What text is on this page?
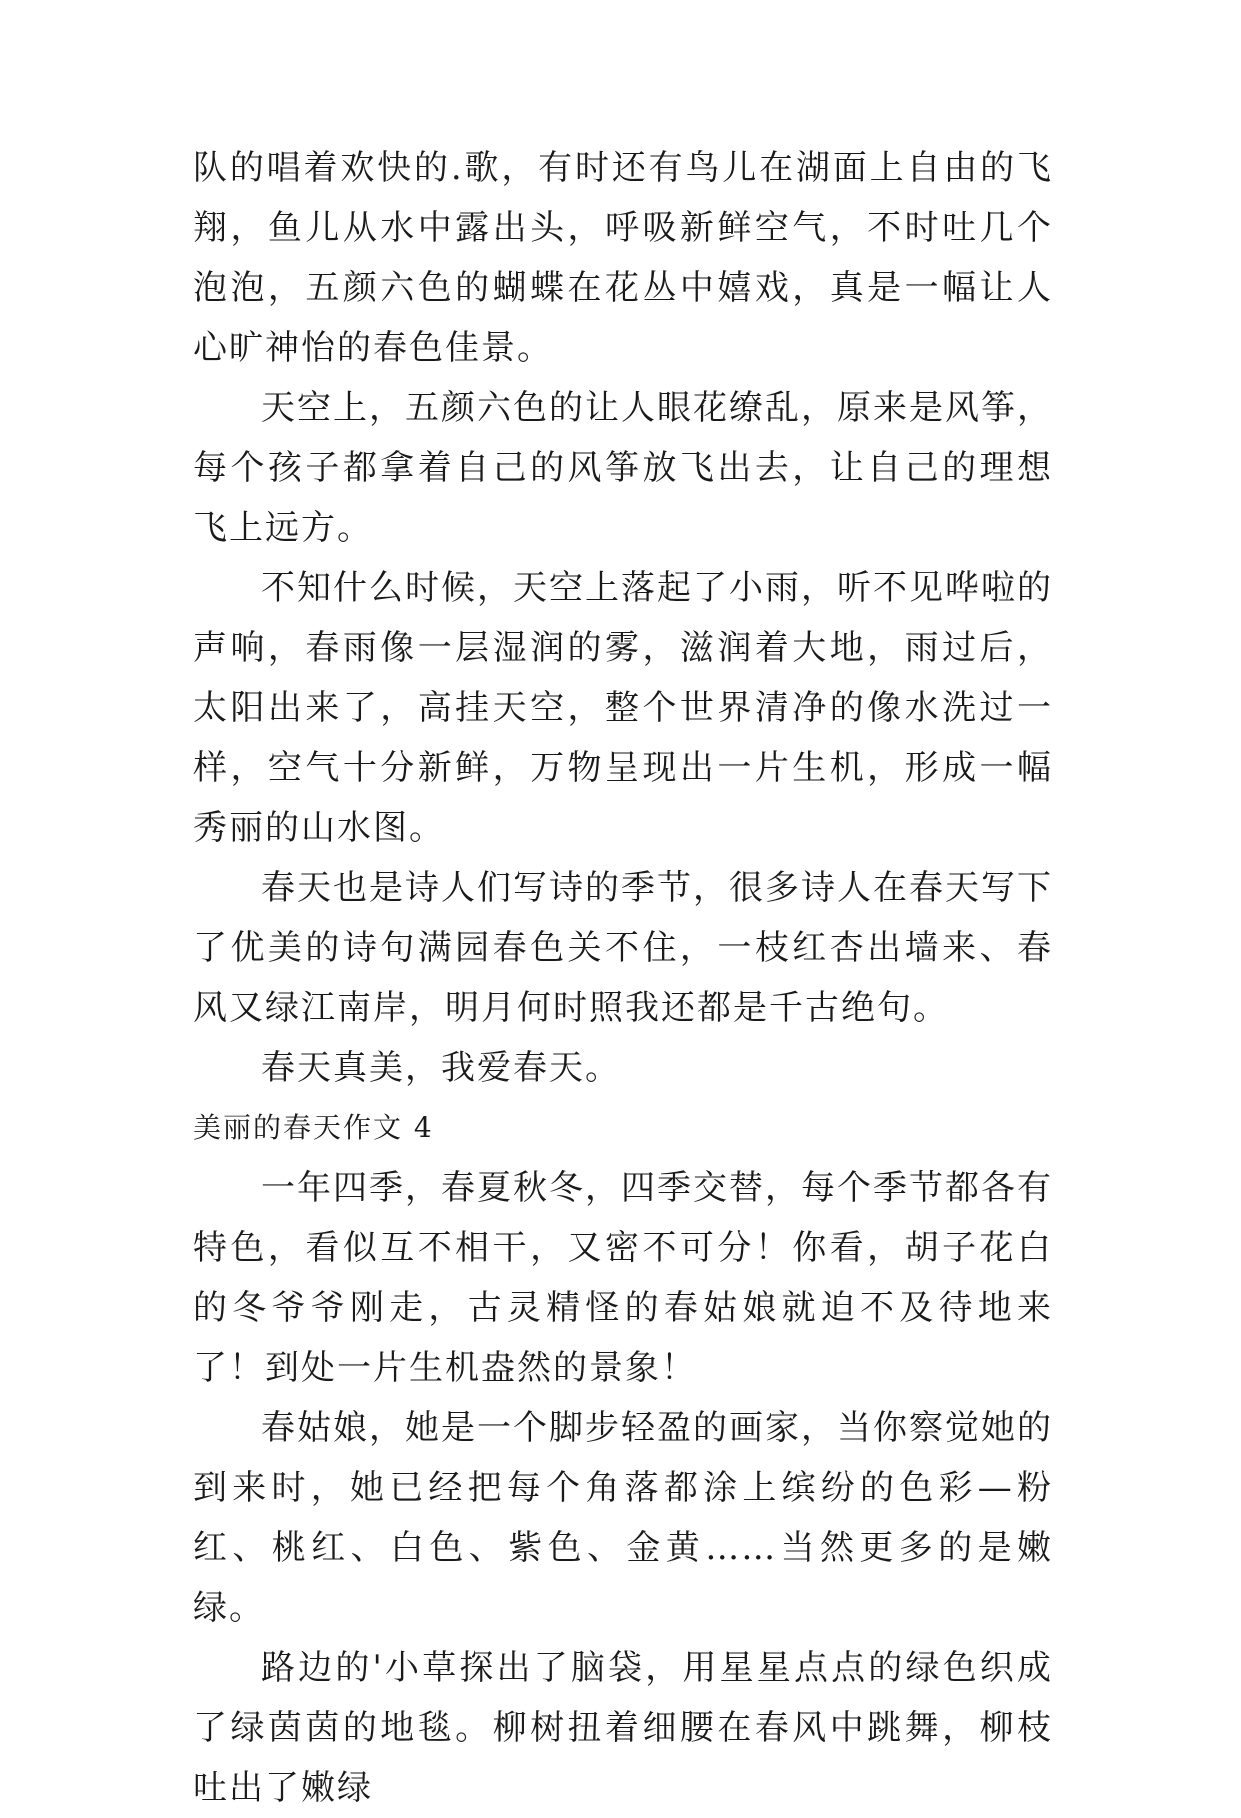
队的唱着欢快的.歌，有时还有鸟儿在湖面上自由的飞翔，鱼儿从水中露出头，呼吸新鲜空气，不时吐几个泡泡，五颜六色的蝴蝶在花丛中嬉戏，真是一幅让人心旷神怡的春色佳景。

天空上，五颜六色的让人眼花缭乱，原来是风筝，每个孩子都拿着自己的风筝放飞出去，让自己的理想飞上远方。

不知什么时候，天空上落起了小雨，听不见哗啦的声响，春雨像一层湿润的雾，滋润着大地，雨过后，太阳出来了，高挂天空，整个世界清净的像水洗过一样，空气十分新鲜，万物呈现出一片生机，形成一幅秀丽的山水图。

春天也是诗人们写诗的季节，很多诗人在春天写下了优美的诗句满园春色关不住，一枝红杏出墙来、春风又绿江南岸，明月何时照我还都是千古绝句。

春天真美，我爱春天。

美丽的春天作文 4

一年四季，春夏秋冬，四季交替，每个季节都各有特色，看似互不相干，又密不可分！你看，胡子花白的冬爷爷刚走，古灵精怪的春姑娘就迫不及待地来了！到处一片生机盎然的景象！

春姑娘，她是一个脚步轻盈的画家，当你察觉她的到来时，她已经把每个角落都涂上缤纷的色彩—粉红、桃红、白色、紫色、金黄……当然更多的是嫩绿。

路边的'小草探出了脑袋，用星星点点的绿色织成了绿茵茵的地毯。柳树扭着细腰在春风中跳舞，柳枝吐出了嫩绿
